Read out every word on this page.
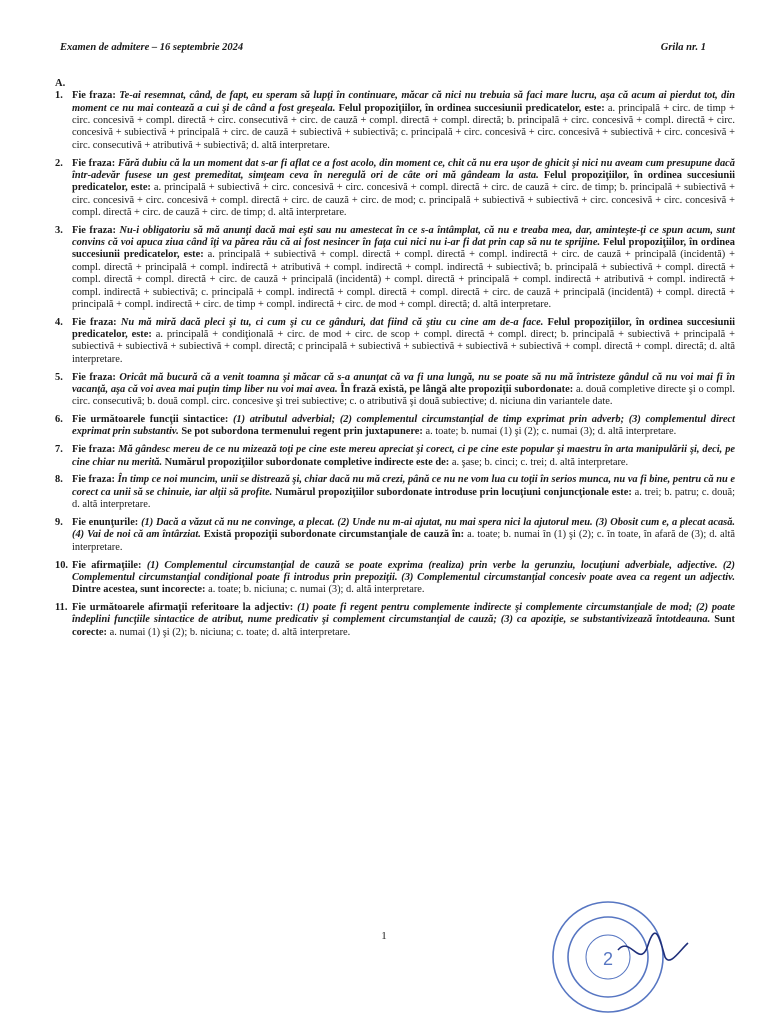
Examen de admitere – 16 septembrie 2024	Grila nr. 1
A.
1. Fie fraza: Te-ai resemnat, când, de fapt, eu speram să lupţi în continuare, măcar că nici nu trebuia să faci mare lucru, aşa că acum ai pierdut tot, din moment ce nu mai contează a cui şi de când a fost greşeala. Felul propoziţiilor, în ordinea succesiunii predicatelor, este: a. principală + circ. de timp + circ. concesivă + compl. directă + circ. consecutivă + circ. de cauză + compl. directă + compl. directă; b. principală + circ. concesivă + compl. directă + circ. concesivă + subiectivă + principală + circ. de cauză + subiectivă + subiectivă; c. principală + circ. concesivă + circ. concesivă + subiectivă + circ. concesivă + circ. consecutivă + atributivă + subiectivă; d. altă interpretare.
2. Fie fraza: Fără dubiu că la un moment dat s-ar fi aflat ce a fost acolo, din moment ce, chit că nu era uşor de ghicit şi nici nu aveam cum presupune dacă într-adevăr fusese un gest premeditat, simţeam ceva în neregulă ori de câte ori mă gândeam la asta. Felul propoziţiilor, în ordinea succesiunii predicatelor, este: a. principală + subiectivă + circ. concesivă + circ. concesivă + compl. directă + circ. de cauză + circ. de timp; b. principală + subiectivă + circ. concesivă + circ. concesivă + compl. directă + circ. de cauză + circ. de mod; c. principală + subiectivă + subiectivă + circ. concesivă + circ. concesivă + compl. directă + circ. de cauză + circ. de timp; d. altă interpretare.
3. Fie fraza: Nu-i obligatoriu să mă anunţi dacă mai eşti sau nu amestecat în ce s-a întâmplat, că nu e treaba mea, dar, aminteşte-ţi ce spun acum, sunt convins că voi apuca ziua când îţi va părea rău că ai fost nesincer în faţa cui nici nu i-ar fi dat prin cap să nu te sprijine. Felul propoziţiilor, în ordinea succesiunii predicatelor, este: a. principală + subiectivă + compl. directă + compl. directă + compl. indirectă + circ. de cauză + principală (incidentă) + compl. directă + principală + compl. indirectă + atributivă + compl. indirectă + compl. indirectă + subiectivă; b. principală + subiectivă + compl. directă + compl. directă + compl. directă + circ. de cauză + principală (incidentă) + compl. directă + principală + compl. indirectă + atributivă + compl. indirectă + compl. indirectă + subiectivă; c. principală + compl. indirectă + compl. directă + compl. directă + circ. de cauză + principală (incidentă) + compl. directă + principală + compl. indirectă + circ. de timp + compl. indirectă + circ. de mod + compl. directă; d. altă interpretare.
4. Fie fraza: Nu mă miră dacă pleci şi tu, ci cum şi cu ce gânduri, dat fiind că ştiu cu cine am de-a face. Felul propoziţiilor, în ordinea succesiunii predicatelor, este: a. principală + condiţională + circ. de mod + circ. de scop + compl. directă + compl. direct; b. principală + subiectivă + principală + subiectivă + subiectivă + subiectivă + compl. directă; c principală + subiectivă + subiectivă + subiectivă + subiectivă + compl. directă + compl. directă; d. altă interpretare.
5. Fie fraza: Oricât mă bucură că a venit toamna şi măcar că s-a anunţat că va fi una lungă, nu se poate să nu mă întristeze gândul că nu voi mai fi în vacanţă, aşa că voi avea mai puţin timp liber nu voi mai avea. În frază există, pe lângă alte propoziţii subordonate: a. două completive directe şi o compl. circ. consecutivă; b. două compl. circ. concesive şi trei subiective; c. o atributivă şi două subiective; d. niciuna din variantele date.
6. Fie următoarele funcţii sintactice: (1) atributul adverbial; (2) complementul circumstanţial de timp exprimat prin adverb; (3) complementul direct exprimat prin substantiv. Se pot subordona termenului regent prin juxtapunere: a. toate; b. numai (1) şi (2); c. numai (3); d. altă interpretare.
7. Fie fraza: Mă gândesc mereu de ce nu mizează toţi pe cine este mereu apreciat şi corect, ci pe cine este popular şi maestru în arta manipulării şi, deci, pe cine chiar nu merită. Numărul propoziţiilor subordonate completive indirecte este de: a. şase; b. cinci; c. trei; d. altă interpretare.
8. Fie fraza: În timp ce noi muncim, unii se distrează şi, chiar dacă nu mă crezi, până ce nu ne vom lua cu toţii în serios munca, nu va fi bine, pentru că nu e corect ca unii să se chinuie, iar alţii să profite. Numărul propoziţiilor subordonate introduse prin locuţiuni conjuncţionale este: a. trei; b. patru; c. două; d. altă interpretare.
9. Fie enunţurile: (1) Dacă a văzut că nu ne convinge, a plecat. (2) Unde nu m-ai ajutat, nu mai spera nici la ajutorul meu. (3) Obosit cum e, a plecat acasă. (4) Vai de noi că am întârziat. Există propoziţii subordonate circumstanţiale de cauză în: a. toate; b. numai în (1) şi (2); c. în toate, în afară de (3); d. altă interpretare.
10. Fie afirmaţiile: (1) Complementul circumstanţial de cauză se poate exprima (realiza) prin verbe la gerunziu, locuţiuni adverbiale, adjective. (2) Complementul circumstanţial condiţional poate fi introdus prin prepoziţii. (3) Complementul circumstanţial concesiv poate avea ca regent un adjectiv. Dintre acestea, sunt incorecte: a. toate; b. niciuna; c. numai (3); d. altă interpretare.
11. Fie următoarele afirmaţii referitoare la adjectiv: (1) poate fi regent pentru complemente indirecte şi complemente circumstanţiale de mod; (2) poate îndeplini funcţiile sintactice de atribut, nume predicativ şi complement circumstanţial de cauză; (3) ca apoziţie, se substantivizează întotdeauna. Sunt corecte: a. numai (1) şi (2); b. niciuna; c. toate; d. altă interpretare.
1
2
